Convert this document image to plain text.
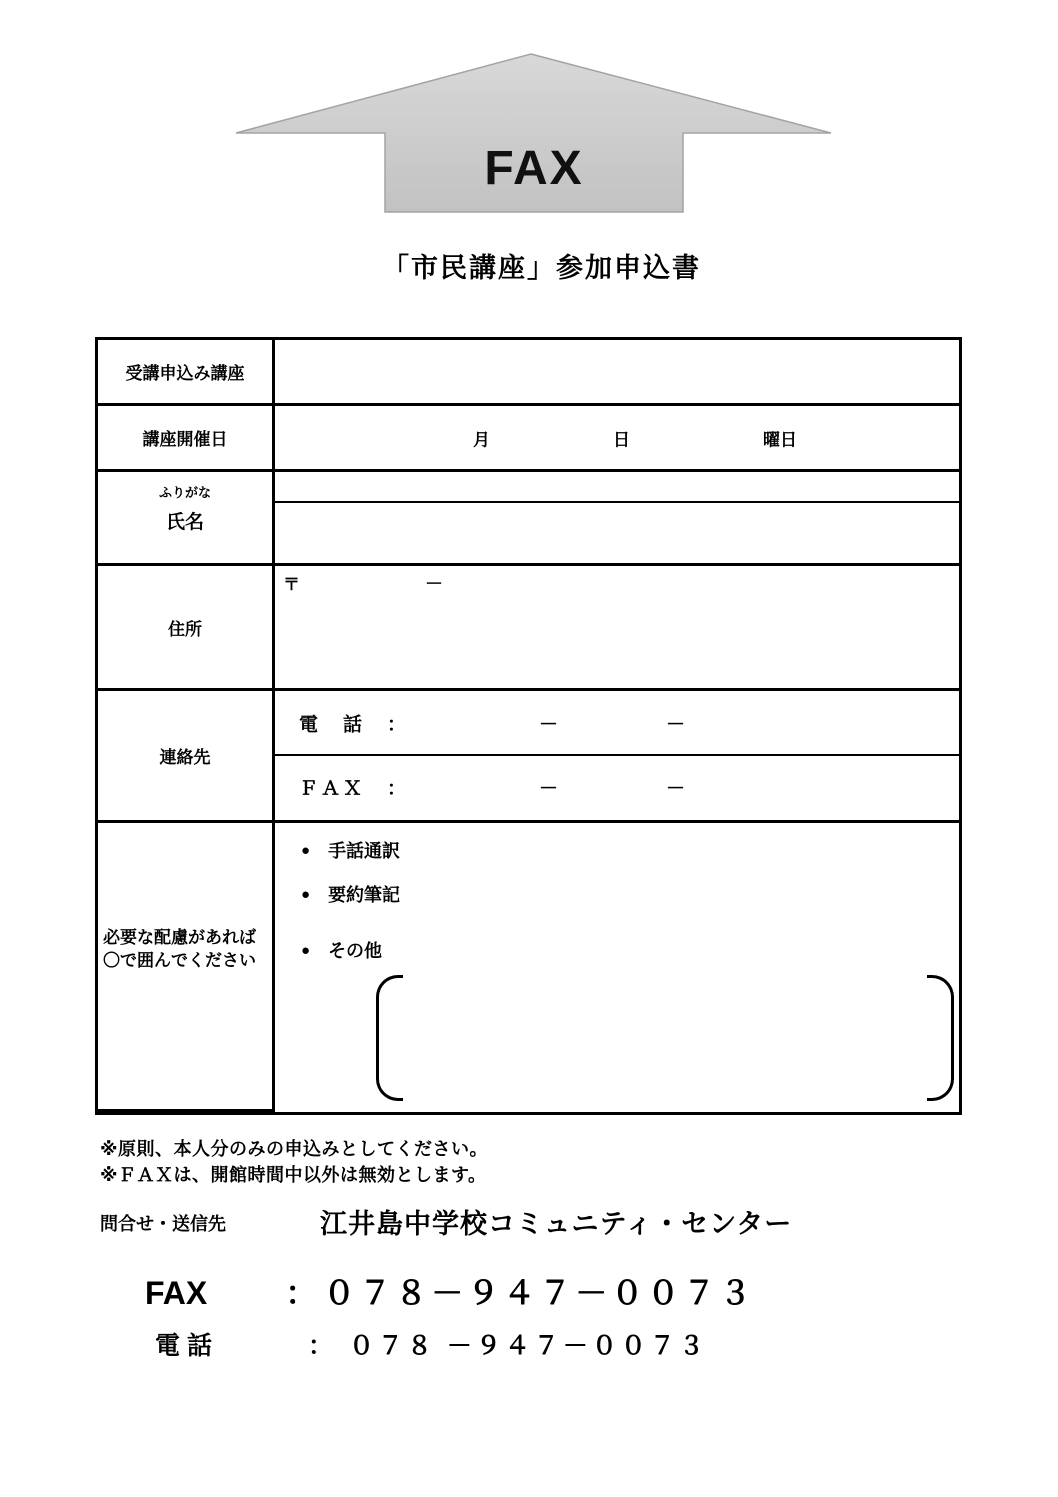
FAX
「市民講座」参加申込書
受講申込み講座
講座開催日	月	日	曜日
ふりがな
氏名
住所
〒	－
連絡先
電　話　：	－	－
ＦＡＸ　：	－	－
必要な配慮があれば〇で囲んでください
● 手話通訳
● 要約筆記
● その他
※原則、本人分のみの申込みとしてください。
※ＦＡＸは、開館時間中以外は無効とします。
問合せ・送信先	江井島中学校コミュニティ・センター
FAX ： ０７８－９４７－００７３
電 話	： ０７８ －９４７－００７３
